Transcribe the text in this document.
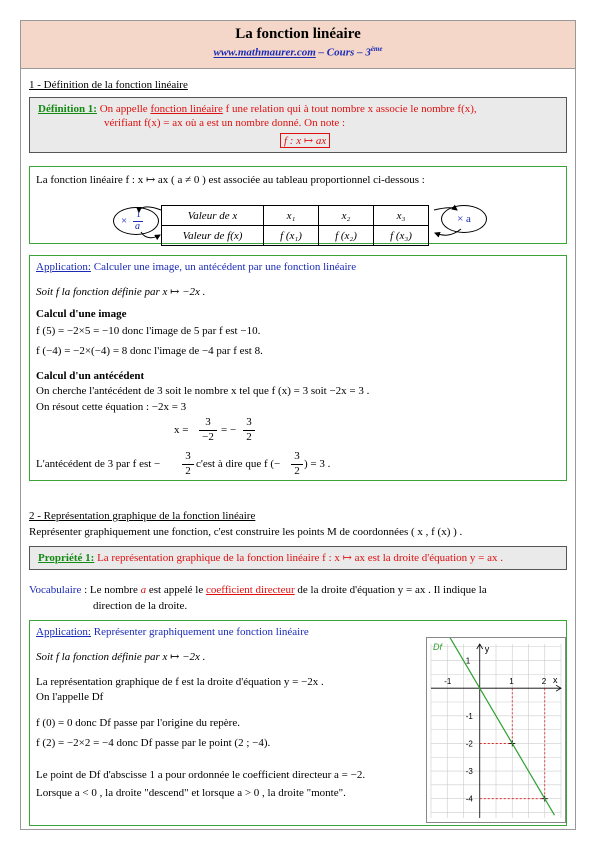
La fonction linéaire
www.mathmaurer.com – Cours – 3ème
1 - Définition de la fonction linéaire
Définition 1: On appelle fonction linéaire f une relation qui à tout nombre x associe le nombre f(x),
vérifiant f(x) = ax où a est un nombre donné. On note :
f : x ↦ ax
La fonction linéaire f : x ↦ ax ( a ≠ 0 ) est associée au tableau proportionnel ci-dessous :
Valeur de x	x₁	x₂	x₃
Valeur de f(x)	f (x₁)	f (x₂)	f (x₃)
×
1
a
× a
Application: Calculer une image, un antécédent par une fonction linéaire
Soit f la fonction définie par x ↦ −2x .
Calcul d'une image
f (5) = −2×5 = −10 donc l'image de 5 par f est −10.
f (−4) = −2×(−4) = 8 donc l'image de −4 par f est 8.
Calcul d'un antécédent
On cherche l'antécédent de 3 soit le nombre x tel que f (x) = 3 soit −2x = 3 .
On résout cette équation : −2x = 3
x =
3
−2
= −
3
2
L'antécédent de 3 par f est −
3
2
c'est à dire que f (−
3
2
) = 3 .
2 - Représentation graphique de la fonction linéaire
Représenter graphiquement une fonction, c'est construire les points M de coordonnées ( x , f (x) ) .
Propriété 1: La représentation graphique de la fonction linéaire f : x ↦ ax est la droite d'équation y = ax .
Vocabulaire : Le nombre a est appelé le coefficient directeur de la droite d'équation y = ax . Il indique la
direction de la droite.
Application: Représenter graphiquement une fonction linéaire
Soit f la fonction définie par x ↦ −2x .
La représentation graphique de f est la droite d'équation y = −2x .
On l'appelle Df
f (0) = 0 donc Df passe par l'origine du repère.
f (2) = −2×2 = −4 donc Df passe par le point (2 ; −4).
Le point de Df d'abscisse 1 a pour ordonnée le coefficient directeur a = −2.
Lorsque a < 0 , la droite "descend" et lorsque a > 0 , la droite "monte".
x
y
-1	1	2
1
-1
-2
-3
-4
Df
